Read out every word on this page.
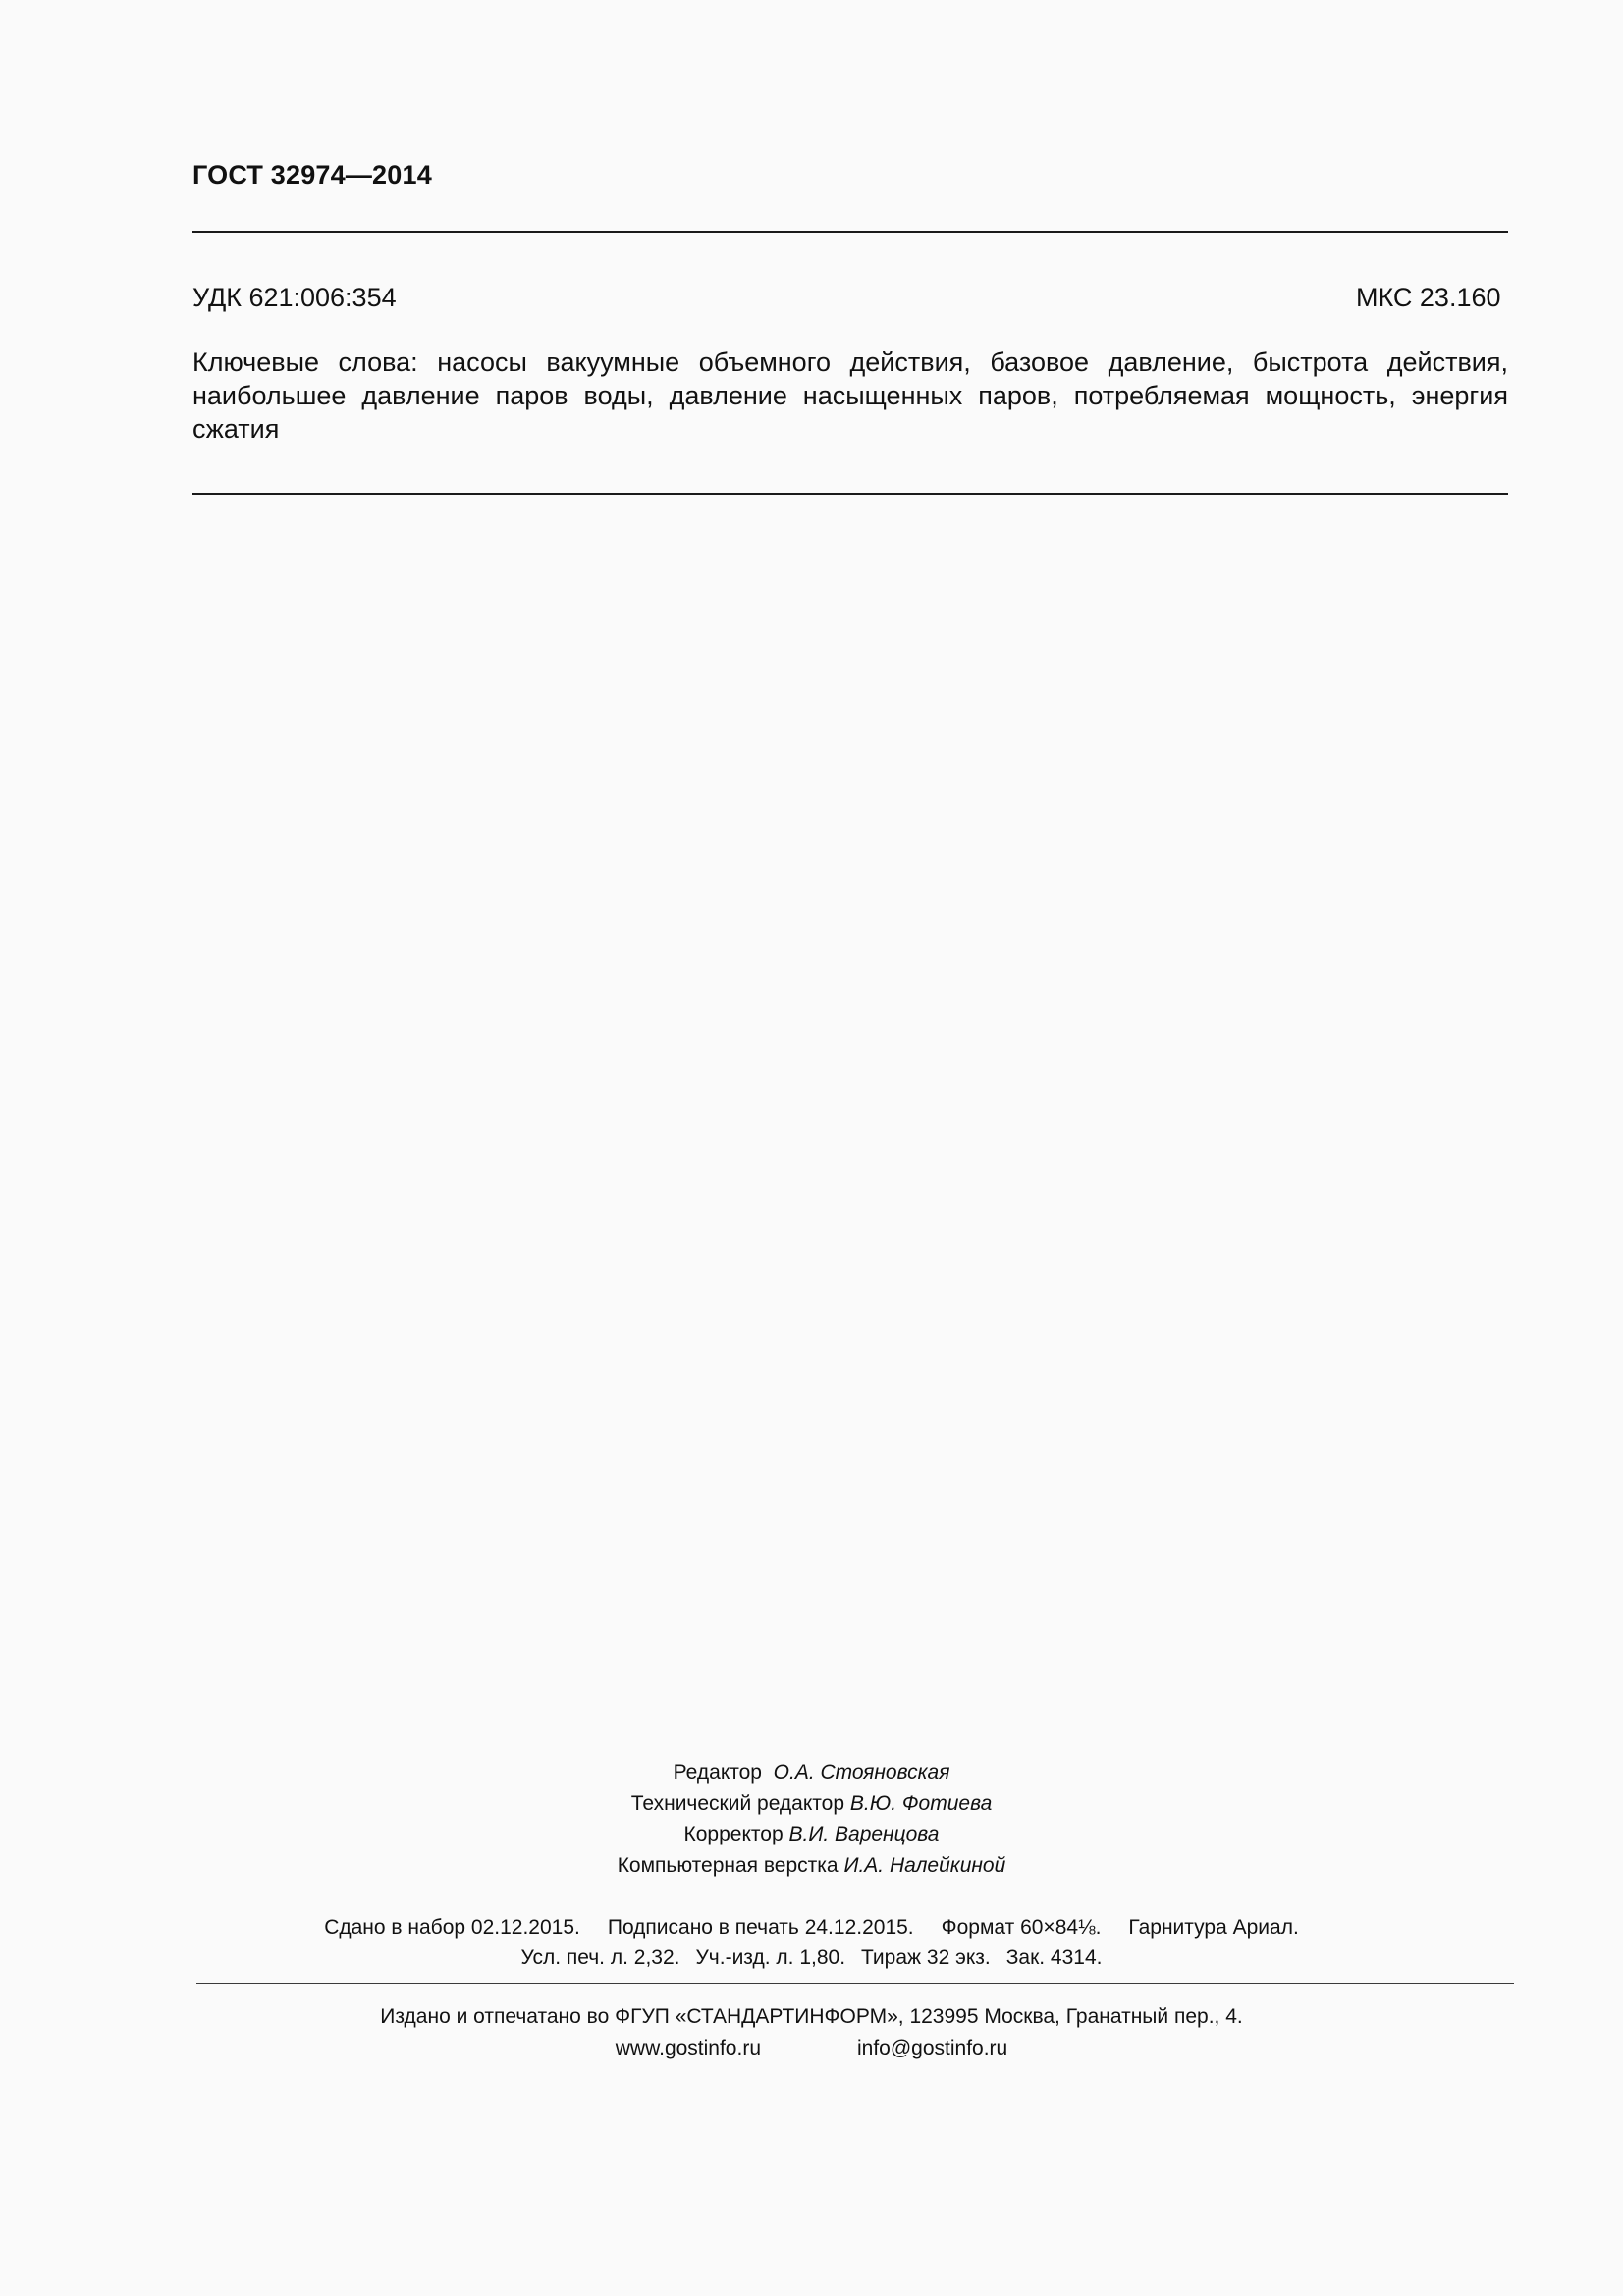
ГОСТ 32974—2014
УДК 621:006:354	МКС 23.160
Ключевые слова: насосы вакуумные объемного действия, базовое давление, быстрота действия, наибольшее давление паров воды, давление насыщенных паров, потребляемая мощность, энергия сжатия
Редактор О.А. Стояновская
Технический редактор В.Ю. Фотиева
Корректор В.И. Варенцова
Компьютерная верстка И.А. Налейкиной
Сдано в набор 02.12.2015. Подписано в печать 24.12.2015. Формат 60×84⅛. Гарнитура Ариал.
Усл. печ. л. 2,32. Уч.-изд. л. 1,80. Тираж 32 экз. Зак. 4314.
Издано и отпечатано во ФГУП «СТАНДАРТИНФОРМ», 123995 Москва, Гранатный пер., 4.
www.gostinfo.ru	info@gostinfo.ru
